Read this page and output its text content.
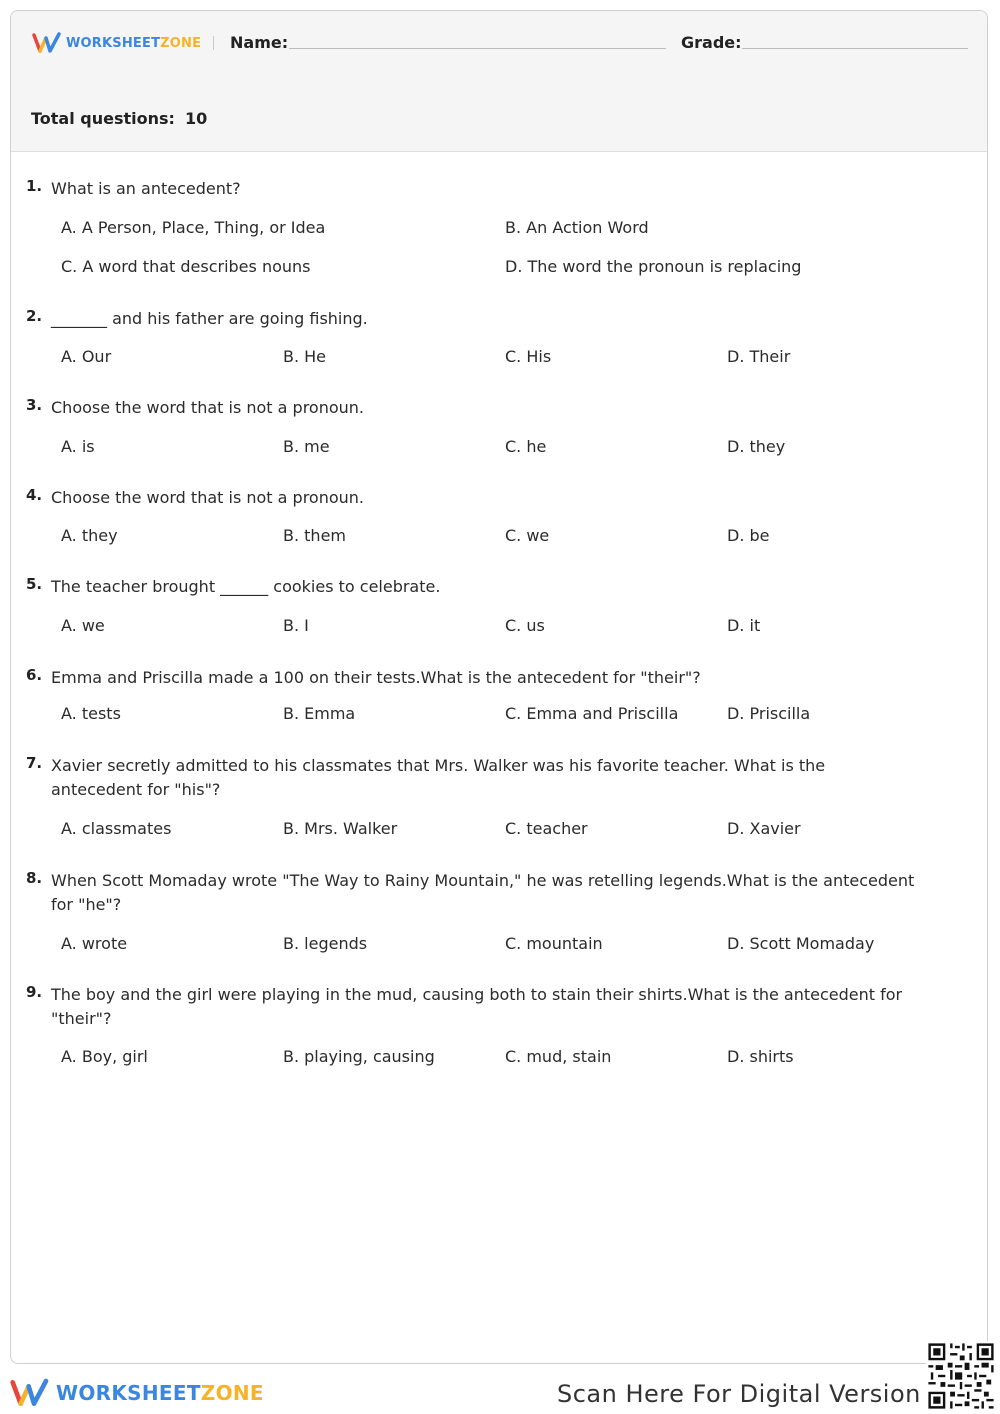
WORKSHEETZONE Name:	Grade:
Total questions: 10
1. What is an antecedent?
A. A Person, Place, Thing, or Idea	B. An Action Word
C. A word that describes nouns	D. The word the pronoun is replacing
2. _______ and his father are going fishing.
A. Our	B. He	C. His	D. Their
3. Choose the word that is not a pronoun.
A. is	B. me	C. he	D. they
4. Choose the word that is not a pronoun.
A. they	B. them	C. we	D. be
5. The teacher brought ______ cookies to celebrate.
A. we	B. I	C. us	D. it
6. Emma and Priscilla made a 100 on their tests.What is the antecedent for "their"?
A. tests	B. Emma	C. Emma and Priscilla	D. Priscilla
7. Xavier secretly admitted to his classmates that Mrs. Walker was his favorite teacher. What is the antecedent for "his"?
A. classmates	B. Mrs. Walker	C. teacher	D. Xavier
8. When Scott Momaday wrote "The Way to Rainy Mountain," he was retelling legends.What is the antecedent for "he"?
A. wrote	B. legends	C. mountain	D. Scott Momaday
9. The boy and the girl were playing in the mud, causing both to stain their shirts.What is the antecedent for "their"?
A. Boy, girl	B. playing, causing	C. mud, stain	D. shirts
WORKSHEETZONE	Scan Here For Digital Version
